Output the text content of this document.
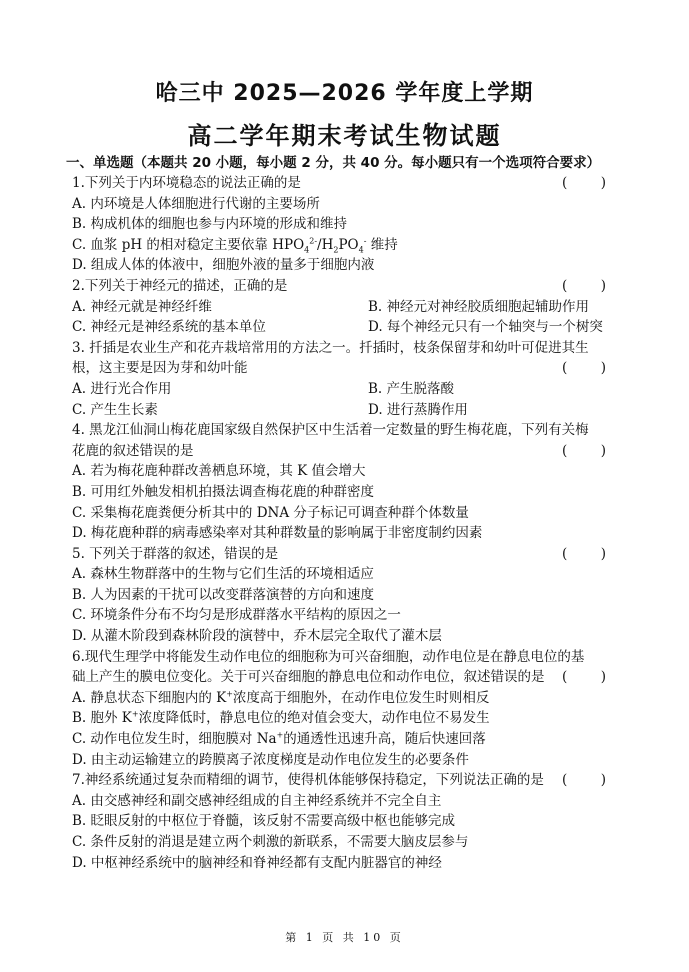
哈三中 2025—2026 学年度上学期
高二学年期末考试生物试题
一、单选题（本题共 20 小题，每小题 2 分，共 40 分。每小题只有一个选项符合要求）
1.下列关于内环境稳态的说法正确的是	( )
A. 内环境是人体细胞进行代谢的主要场所
B. 构成机体的细胞也参与内环境的形成和维持
C. 血浆 pH 的相对稳定主要依靠 $HPO_4^{2-}/H_2PO_4^-$ 维持
D. 组成人体的体液中，细胞外液的量多于细胞内液
2.下列关于神经元的描述，正确的是	( )
A. 神经元就是神经纤维	B. 神经元对神经胶质细胞起辅助作用
C. 神经元是神经系统的基本单位	D. 每个神经元只有一个轴突与一个树突
3. 扦插是农业生产和花卉栽培常用的方法之一。扦插时，枝条保留芽和幼叶可促进其生
根，这主要是因为芽和幼叶能	( )
A. 进行光合作用	B. 产生脱落酸
C. 产生生长素	D. 进行蒸腾作用
4. 黑龙江仙洞山梅花鹿国家级自然保护区中生活着一定数量的野生梅花鹿，下列有关梅
花鹿的叙述错误的是	( )
A. 若为梅花鹿种群改善栖息环境，其 K 值会增大
B. 可用红外触发相机拍摄法调查梅花鹿的种群密度
C. 采集梅花鹿粪便分析其中的 DNA 分子标记可调查种群个体数量
D. 梅花鹿种群的病毒感染率对其种群数量的影响属于非密度制约因素
5. 下列关于群落的叙述，错误的是	( )
A. 森林生物群落中的生物与它们生活的环境相适应
B. 人为因素的干扰可以改变群落演替的方向和速度
C. 环境条件分布不均匀是形成群落水平结构的原因之一
D. 从灌木阶段到森林阶段的演替中，乔木层完全取代了灌木层
6.现代生理学中将能发生动作电位的细胞称为可兴奋细胞，动作电位是在静息电位的基
础上产生的膜电位变化。关于可兴奋细胞的静息电位和动作电位，叙述错误的是 ( )
A. 静息状态下细胞内的 K+浓度高于细胞外，在动作电位发生时则相反
B. 胞外 K+浓度降低时，静息电位的绝对值会变大，动作电位不易发生
C. 动作电位发生时，细胞膜对 Na+的通透性迅速升高，随后快速回落
D. 由主动运输建立的跨膜离子浓度梯度是动作电位发生的必要条件
7.神经系统通过复杂而精细的调节，使得机体能够保持稳定，下列说法正确的是 ( )
A. 由交感神经和副交感神经组成的自主神经系统并不完全自主
B. 眨眼反射的中枢位于脊髓，该反射不需要高级中枢也能够完成
C. 条件反射的消退是建立两个刺激的新联系，不需要大脑皮层参与
D. 中枢神经系统中的脑神经和脊神经都有支配内脏器官的神经
第 1 页 共 10 页
